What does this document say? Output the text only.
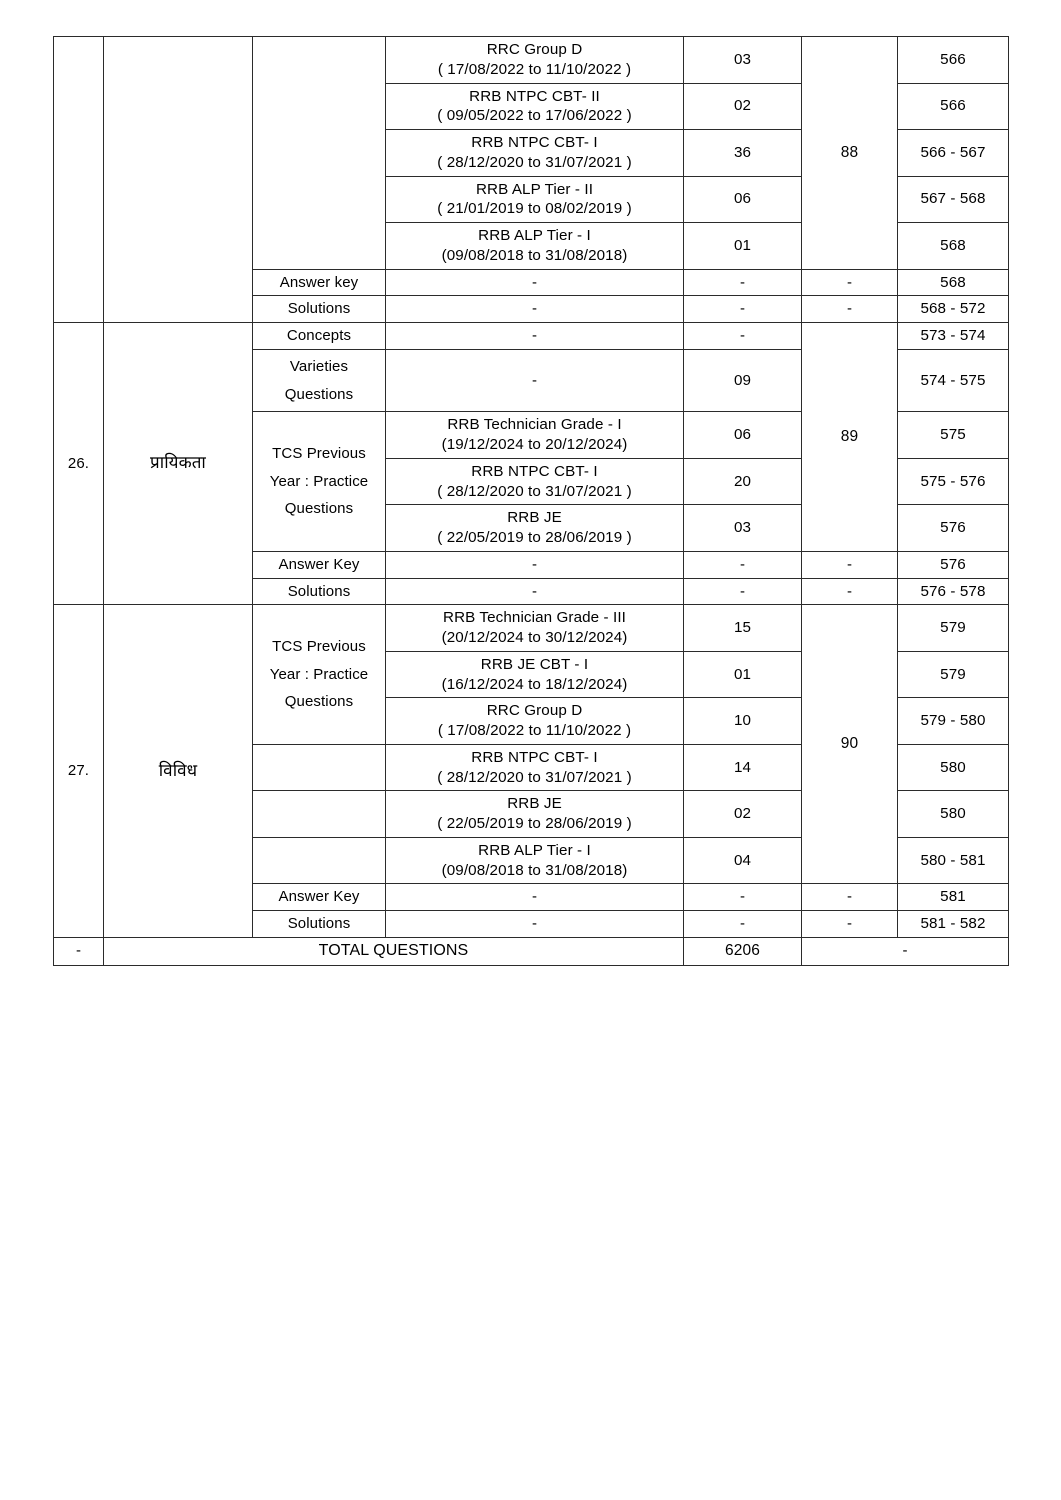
			RRC Group D
( 17/08/2022 to 11/10/2022 )	03	88	566

			RRB NTPC CBT- II
( 09/05/2022 to 17/06/2022 )	02		566

			RRB NTPC CBT- I
( 28/12/2020 to 31/07/2021 )	36		566 - 567

			RRB ALP Tier - II
( 21/01/2019 to 08/02/2019 )	06		567 - 568

			RRB ALP Tier - I
(09/08/2018 to 31/08/2018)	01		568
		Answer key	-	-	-	568
		Solutions	-	-	-	568 - 572
26.	प्रायिकता	Concepts	-	-	89	573 - 574
		Varieties
Questions	-	09		574 - 575
		TCS Previous
Year : Practice
Questions	RRB Technician Grade - I
(19/12/2024 to 20/12/2024)	06		575

			RRB NTPC CBT- I
( 28/12/2020 to 31/07/2021 )	20		575 - 576

			RRB JE
( 22/05/2019 to 28/06/2019 )	03		576
		Answer Key	-	-	-	576
		Solutions	-	-	-	576 - 578
27.	विविध	TCS Previous
Year : Practice
Questions	RRB Technician Grade - III
(20/12/2024 to 30/12/2024)	15	90	579

			RRB JE CBT - I
(16/12/2024 to 18/12/2024)	01		579

			RRC Group D
( 17/08/2022 to 11/10/2022 )	10		579 - 580

			RRB NTPC CBT- I
( 28/12/2020 to 31/07/2021 )	14		580

			RRB JE
( 22/05/2019 to 28/06/2019 )	02		580

			RRB ALP Tier - I
(09/08/2018 to 31/08/2018)	04		580 - 581
		Answer Key	-	-	-	581
		Solutions	-	-	-	581 - 582
-	TOTAL QUESTIONS			6206	-	
